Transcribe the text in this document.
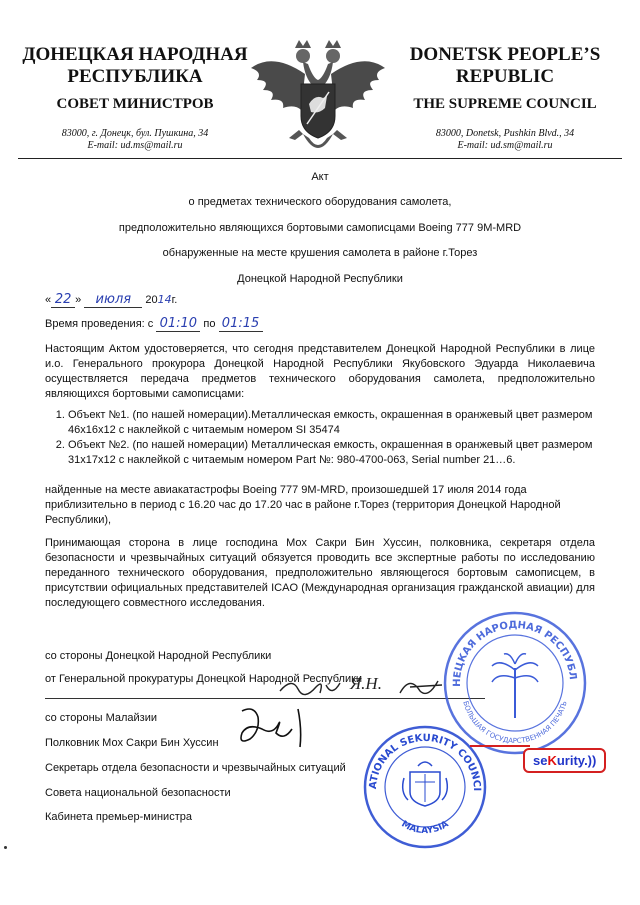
ДОНЕЦКАЯ НАРОДНАЯ
РЕСПУБЛИКА
СОВЕТ МИНИСТРОВ
83000, г. Донецк, бул. Пушкина, 34
E-mail: ud.ms@mail.ru
DONETSK PEOPLE’S
REPUBLIC
THE SUPREME COUNCIL
83000, Donetsk, Pushkin Blvd., 34
E-mail: ud.sm@mail.ru
Акт
о предметах технического оборудования самолета,
предположительно являющихся бортовыми самописцами Boeing 777 9M-MRD
обнаруженные на месте крушения самолета в районе г.Торез
Донецкой Народной Республики
« 22 » июля 2014г.
Время проведения: с 01:10 по 01:15
Настоящим Актом удостоверяется, что сегодня представителем Донецкой Народной Республики в лице и.о. Генерального прокурора Донецкой Народной Республики Якубовского Эдуарда Николаевича осуществляется передача предметов технического оборудования самолета, предположительно являющихся бортовыми самописцами:
1. Объект №1. (по нашей номерации).Металлическая емкость, окрашенная в оранжевый цвет размером 46х16х12 с наклейкой с читаемым номером SI 35474
2. Объект №2. (по нашей номерации) Металлическая емкость, окрашенная в оранжевый цвет размером 31х17х12 с наклейкой с читаемым номером Part №: 980-4700-063, Serial number 21…6.
найденные на месте авиакатастрофы Boeing 777 9M-MRD, произошедшей 17 июля 2014 года приблизительно в период с 16.20 час до 17.20 час в районе г.Торез (территория Донецкой Народной Республики),
Принимающая сторона в лице господина Мох Сакри Бин Хуссин, полковника, секретаря отдела безопасности и чрезвычайных ситуаций обязуется проводить все экспертные работы по исследованию переданного технического оборудования, предположительно являющегося бортовым самописцем, в присутствии официальных представителей ICAO (Международная организация гражданской авиации) для последующего совместного исследования.
со стороны Донецкой Народной Республики
от Генеральной прокуратуры Донецкой Народной Республики
Я.Н.
со стороны Малайзии
Полковник Мох Сакри Бин Хуссин
Секретарь отдела безопасности и чрезвычайных ситуаций
Совета национальной безопасности
Кабинета премьер-министра
НЕЦКАЯ НАРОДНАЯ РЕСПУБЛ
БОЛЬШАЯ ГОСУДАРСТВЕННАЯ ПЕЧАТЬ
ATIONAL SEKURITY COUNCI
MALAYSIA
seKurity.))
